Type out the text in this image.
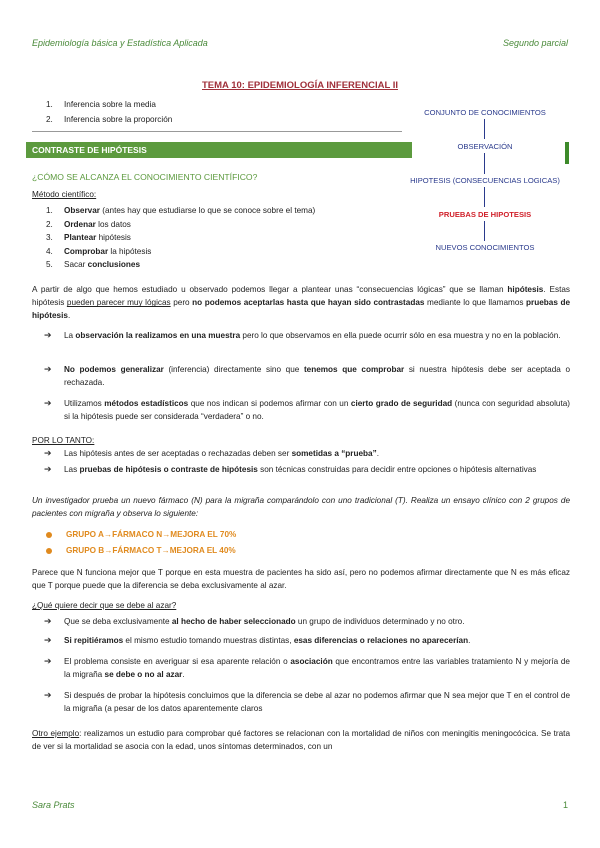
Epidemiología básica y Estadística Aplicada	Segundo parcial
TEMA 10: EPIDEMIOLOGÍA INFERENCIAL II
1. Inferencia sobre la media
2. Inferencia sobre la proporción
CONTRASTE DE HIPÓTESIS
CONJUNTO DE CONOCIMIENTOS
OBSERVACIÓN
HIPOTESIS (CONSECUENCIAS LOGICAS)
PRUEBAS DE HIPOTESIS
NUEVOS CONOCIMIENTOS
¿CÓMO SE ALCANZA EL CONOCIMIENTO CIENTÍFICO?
Método científico:
1. Observar (antes hay que estudiarse lo que se conoce sobre el tema)
2. Ordenar los datos
3. Plantear hipótesis
4. Comprobar la hipótesis
5. Sacar conclusiones
A partir de algo que hemos estudiado u observado podemos llegar a plantear unas “consecuencias lógicas” que se llaman hipótesis. Estas hipótesis pueden parecer muy lógicas pero no podemos aceptarlas hasta que hayan sido contrastadas mediante lo que llamamos pruebas de hipótesis.
➔ La observación la realizamos en una muestra pero lo que observamos en ella puede ocurrir sólo en esa muestra y no en la población.
➔ No podemos generalizar (inferencia) directamente sino que tenemos que comprobar si nuestra hipótesis debe ser aceptada o rechazada.
➔ Utilizamos métodos estadísticos que nos indican si podemos afirmar con un cierto grado de seguridad (nunca con seguridad absoluta) si la hipótesis puede ser considerada “verdadera” o no.
POR LO TANTO:
➔ Las hipótesis antes de ser aceptadas o rechazadas deben ser sometidas a “prueba”.
➔ Las pruebas de hipótesis o contraste de hipótesis son técnicas construidas para decidir entre opciones o hipótesis alternativas
Un investigador prueba un nuevo fármaco (N) para la migraña comparándolo con uno tradicional (T). Realiza un ensayo clínico con 2 grupos de pacientes con migraña y observa lo siguiente:
GRUPO A→FÁRMACO N→MEJORA EL 70%
GRUPO B→FÁRMACO T→MEJORA EL 40%
Parece que N funciona mejor que T porque en esta muestra de pacientes ha sido así, pero no podemos afirmar directamente que N es más eficaz que T porque puede que la diferencia se deba exclusivamente al azar.
¿Qué quiere decir que se debe al azar?
➔ Que se deba exclusivamente al hecho de haber seleccionado un grupo de individuos determinado y no otro.
➔ Si repitiéramos el mismo estudio tomando muestras distintas, esas diferencias o relaciones no aparecerían.
➔ El problema consiste en averiguar si esa aparente relación o asociación que encontramos entre las variables tratamiento N y mejoría de la migraña se debe o no al azar.
➔ Si después de probar la hipótesis concluimos que la diferencia se debe al azar no podemos afirmar que N sea mejor que T en el control de la migraña (a pesar de los datos aparentemente claros
Otro ejemplo: realizamos un estudio para comprobar qué factores se relacionan con la mortalidad de niños con meningitis meningocócica. Se trata de ver si la mortalidad se asocia con la edad, unos síntomas determinados, con un
Sara Prats	1
